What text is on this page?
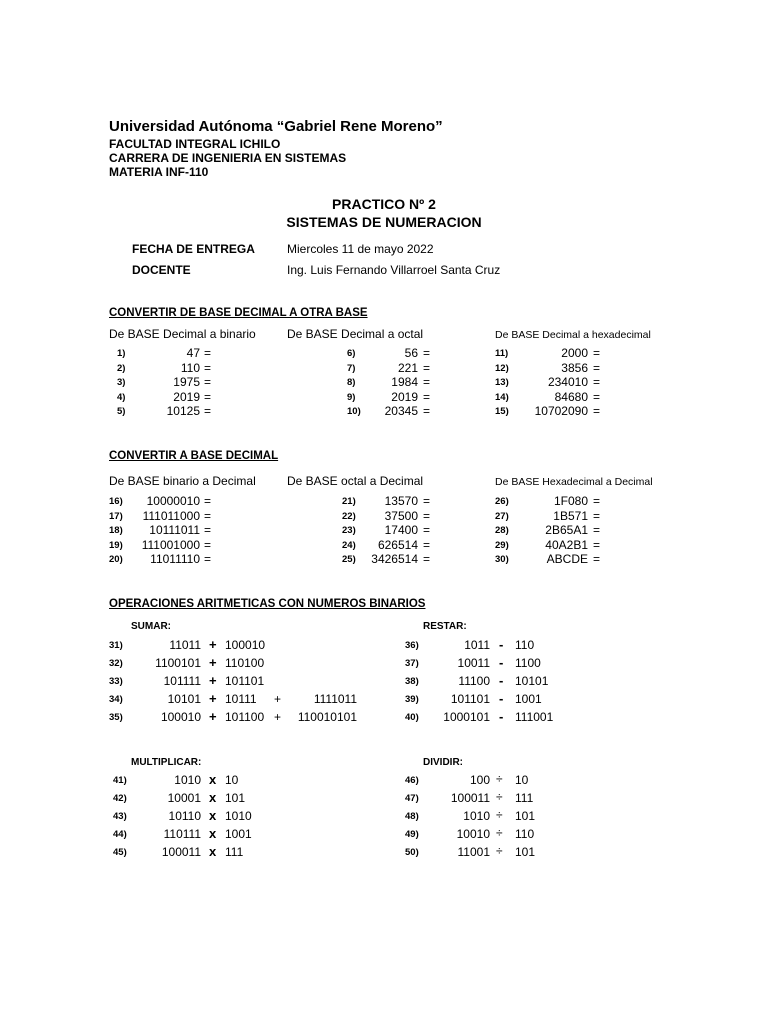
Universidad Autónoma “Gabriel Rene Moreno”
FACULTAD INTEGRAL ICHILO
CARRERA DE INGENIERIA EN SISTEMAS
MATERIA INF-110
PRACTICO Nº 2
SISTEMAS DE NUMERACION
FECHA DE ENTREGA	Miercoles 11 de mayo 2022
DOCENTE	Ing. Luis Fernando Villarroel Santa Cruz
CONVERTIR DE BASE DECIMAL A OTRA BASE
De BASE Decimal a binario	De BASE Decimal a octal	De BASE Decimal a hexadecimal
1)	47 =
2)	110 =
3)	1975 =
4)	2019 =
5)	10125 =
6)	56 =
7)	221 =
8)	1984 =
9)	2019 =
10) 20345 =
11)	2000 =
12)	3856 =
13)	234010 =
14)	84680 =
15) 10702090 =
CONVERTIR A BASE DECIMAL
De BASE binario a Decimal	De BASE octal a Decimal	De BASE Hexadecimal a Decimal
16) 10000010 =
17) 111011000 =
18) 10111011 =
19) 111001000 =
20) 11011110 =
21) 13570 =
22) 37500 =
23) 17400 =
24) 626514 =
25) 3426514 =
26)	1F080 =
27)	1B571 =
28)	2B65A1 =
29)	40A2B1 =
30)	ABCDE =
OPERACIONES ARITMETICAS CON NUMEROS BINARIOS
SUMAR:	RESTAR:
MULTIPLICAR:	DIVIDIR:
31)	11011 + 100010
32)	1100101 + 110100
33)	101111 + 101101
34)	10101 + 10111 +	1111011
35)	100010 + 101100 + 110010101
36)	1011 - 110
37)	10011 - 1100
38)	11100 - 10101
39)	101101 - 1001
40) 1000101 - 111001
41)	1010 x 10
42)	10001 x 101
43)	10110 x 1010
44)	110111 x 1001
45)	100011 x 111
46)	100 ÷ 10
47)	100011 ÷ 111
48)	1010 ÷ 101
49)	10010 ÷ 110
50)	11001 ÷ 101
